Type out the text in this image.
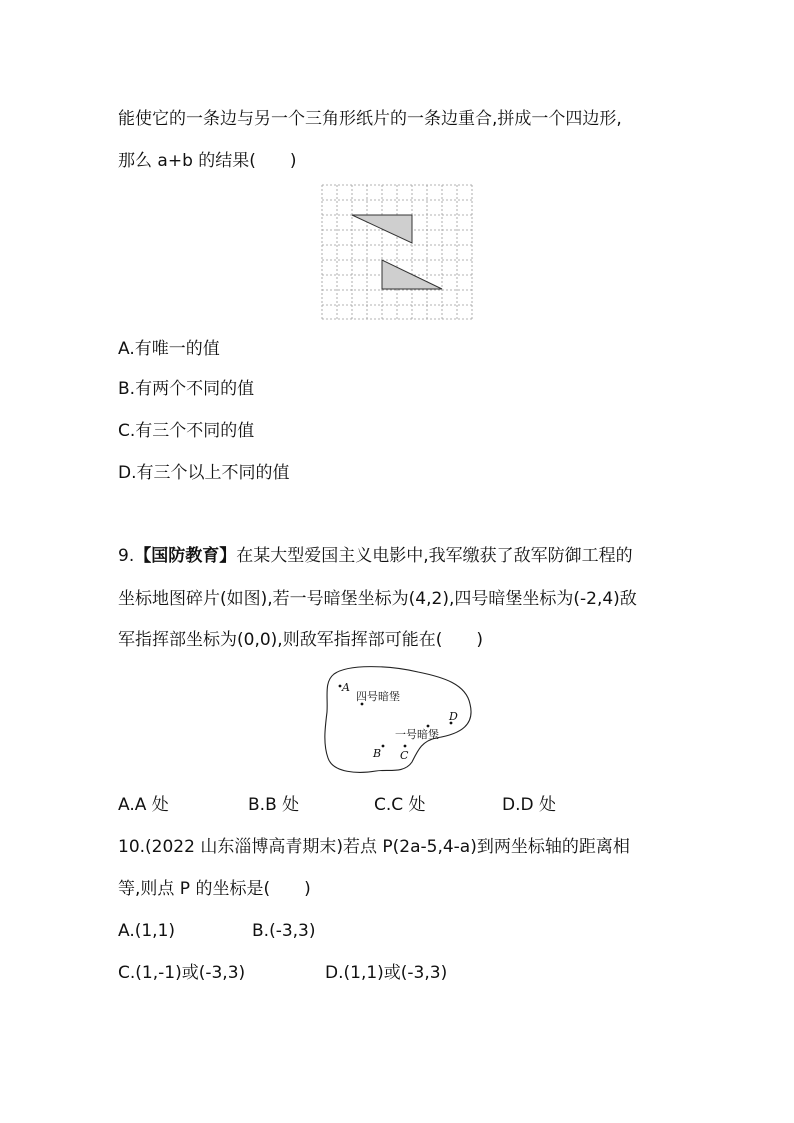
能使它的一条边与另一个三角形纸片的一条边重合,拼成一个四边形,
那么 a+b 的结果(　　)
A.有唯一的值
B.有两个不同的值
C.有三个不同的值
D.有三个以上不同的值
9.【国防教育】在某大型爱国主义电影中,我军缴获了敌军防御工程的
坐标地图碎片(如图),若一号暗堡坐标为(4,2),四号暗堡坐标为(-2,4)敌
军指挥部坐标为(0,0),则敌军指挥部可能在(　　)
A
四号暗堡
D
一号暗堡
B C
A.A 处	B.B 处	C.C 处	D.D 处
10.(2022 山东淄博高青期末)若点 P(2a-5,4-a)到两坐标轴的距离相
等,则点 P 的坐标是(　　)
A.(1,1)	B.(-3,3)
C.(1,-1)或(-3,3)	D.(1,1)或(-3,3)
